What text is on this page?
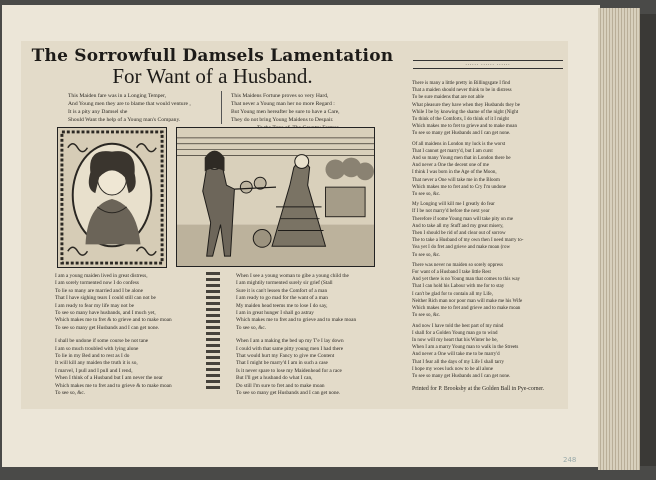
The Sorrowfull Damsels Lamentation
For Want of a Husband.
This Maiden fare was in a Longing Temper,
And Young men they are to blame that would venture ,
It is a pity any Damsel she
Should Want the help of a Young man's Company.
This Maidens Fortune proves so very Hard,
That never a Young man her no more Regard :
But Young men hereafter be sure to have a Care,
They do not bring Young Maidens to Despair.
I am a young maiden lived in great distress,
I am sorely tormented now I do confess
To lie so many are married and I be alone
That I have sighing tears I could still can not be
I am ready to fear my life may not be
To see so many have husbands, and I much yet,
Which makes me to fret & to grieve and to make moan
To see so many get Husbands and I can get none.
I shall be undone if some course be not tane
I am so much troubled with lying alone
To lie in my Bed and to rest as I do
It will kill any maiden the truth it is so,
I marvel, I pull and I pull and I rend,
When I think of a Husband but I am never the near
Which makes me to fret and to grieve & to make moan
To see so, &c.
When I see a young woman to gibe a young child the
I am mightily tormented surely sir grief (Stall
Sure it is can't lessen the Comfort of a man
I am ready to go mad for the want of a man
My maiden head teems me to lose I do say,
I am in great hunger I shall go astray
Which makes me to fret and to grieve and to make moan
To see so, &c.
When I am a making the bed up my T'e I lay down
I could with that same pitty young men I had there
That would hurt my Fancy to give me Content
That I might be marry'd I am in such a case
Is it never spare to lose my Maidenhead for a race
But I'll get a husband do what I can,
Do still I'm sure to fret and to make moan
To see so many get Husbands and I can get none.
...... ...... ......
There is many a little pretty in Billingsgate I find
That a maiden should never think to be in distress
To be sure maidens that are not able
What pleasure they have when they Husbands they be
While I be by knowing the shame of the night (Night
To think of the Comforts, I do think of it I might
Which makes me to fret to grieve and to make moan
To see so many get Husbands and I can get none.
Of all maidens in London my luck is the worst
That I cannot get marry'd, but I am curst
And so many Young men that in London there be
And never a One the decent one of me
I think I was born in the Age of the Moon,
That never a One will take me in the Bloom
Which makes me to fret and to Cry I'm undone
To see so, &c.
My Longing will kill me I greatly do fear
If I be not marry'd before the next year
Therefore if some Young man will take pity on me
And to take all my Stuff and my great misery,
Then I should be rid of and clear out of sorrow
The to take a Husband of my own then I need marry to-
Yea yet I do fret and grieve and make moan (row
To see so, &c.
There was never no maiden so sorely oppress
For want of a Husband I take little Rest
And yet there is no Young man that comes to this way
That I can hold his Labour with me for to stay
I can't be glad for to contain all my Life,
Neither Rich man nor poor man will make me his Wife
Which makes me to fret and grieve and to make moan
To see so, &c.
And now I have told the best part of my mind
I shall for a Golden Young man go to wind
In now will my heart that his Winter he be,
When I am a marry Young man to walk in the Streets
And never a One will take me to be marry'd
That I fear all the days of my Life I shall tarry
I hope my woes luck now to be all alone
To see so many get Husbands and I can get none.
Printed for P. Brooksby at the Golden Ball in Pye-corner.
248
